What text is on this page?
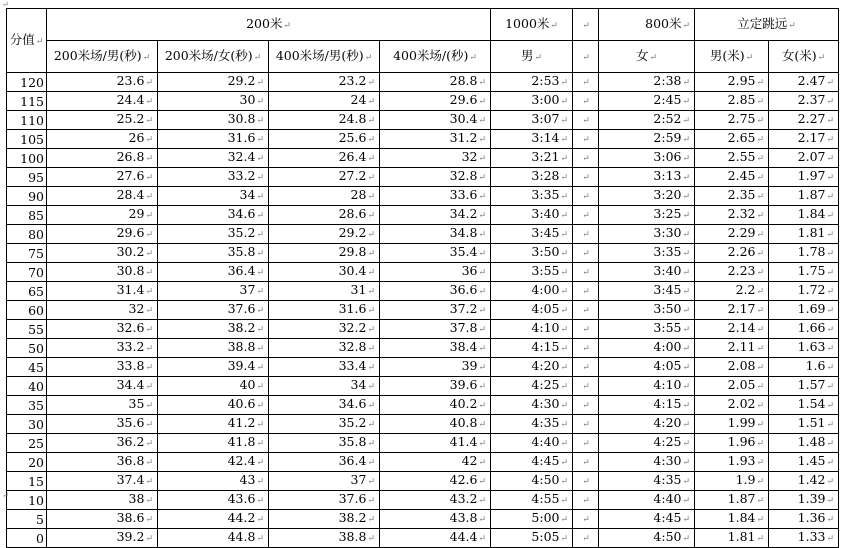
↵
分值↵	200米↵				1000米↵	↵	800米↵	立定跳远↵	
	200米场/男(秒)↵	200米场/女(秒)↵	400米场/男(秒)↵	400米场/(秒)↵	男↵	↵	女↵	男(米)↵	女(米)↵
120	23.6↵	29.2↵	23.2↵	28.8↵	2:53↵	↵	2:38↵	2.95↵	2.47↵
115	24.4↵	30↵	24↵	29.6↵	3:00↵	↵	2:45↵	2.85↵	2.37↵
110	25.2↵	30.8↵	24.8↵	30.4↵	3:07↵	↵	2:52↵	2.75↵	2.27↵
105	26↵	31.6↵	25.6↵	31.2↵	3:14↵	↵	2:59↵	2.65↵	2.17↵
100	26.8↵	32.4↵	26.4↵	32↵	3:21↵	↵	3:06↵	2.55↵	2.07↵
95	27.6↵	33.2↵	27.2↵	32.8↵	3:28↵	↵	3:13↵	2.45↵	1.97↵
90	28.4↵	34↵	28↵	33.6↵	3:35↵	↵	3:20↵	2.35↵	1.87↵
85	29↵	34.6↵	28.6↵	34.2↵	3:40↵	↵	3:25↵	2.32↵	1.84↵
80	29.6↵	35.2↵	29.2↵	34.8↵	3:45↵	↵	3:30↵	2.29↵	1.81↵
75	30.2↵	35.8↵	29.8↵	35.4↵	3:50↵	↵	3:35↵	2.26↵	1.78↵
70	30.8↵	36.4↵	30.4↵	36↵	3:55↵	↵	3:40↵	2.23↵	1.75↵
65	31.4↵	37↵	31↵	36.6↵	4:00↵	↵	3:45↵	2.2↵	1.72↵
60	32↵	37.6↵	31.6↵	37.2↵	4:05↵	↵	3:50↵	2.17↵	1.69↵
55	32.6↵	38.2↵	32.2↵	37.8↵	4:10↵	↵	3:55↵	2.14↵	1.66↵
50	33.2↵	38.8↵	32.8↵	38.4↵	4:15↵	↵	4:00↵	2.11↵	1.63↵
45	33.8↵	39.4↵	33.4↵	39↵	4:20↵	↵	4:05↵	2.08↵	1.6↵
40	34.4↵	40↵	34↵	39.6↵	4:25↵	↵	4:10↵	2.05↵	1.57↵
35	35↵	40.6↵	34.6↵	40.2↵	4:30↵	↵	4:15↵	2.02↵	1.54↵
30	35.6↵	41.2↵	35.2↵	40.8↵	4:35↵	↵	4:20↵	1.99↵	1.51↵
25	36.2↵	41.8↵	35.8↵	41.4↵	4:40↵	↵	4:25↵	1.96↵	1.48↵
20	36.8↵	42.4↵	36.4↵	42↵	4:45↵	↵	4:30↵	1.93↵	1.45↵
15	37.4↵	43↵	37↵	42.6↵	4:50↵	↵	4:35↵	1.9↵	1.42↵
10	38↵	43.6↵	37.6↵	43.2↵	4:55↵	↵	4:40↵	1.87↵	1.39↵
5	38.6↵	44.2↵	38.2↵	43.8↵	5:00↵	↵	4:45↵	1.84↵	1.36↵
0	39.2↵	44.8↵	38.8↵	44.4↵	5:05↵	↵	4:50↵	1.81↵	1.33↵
↵
